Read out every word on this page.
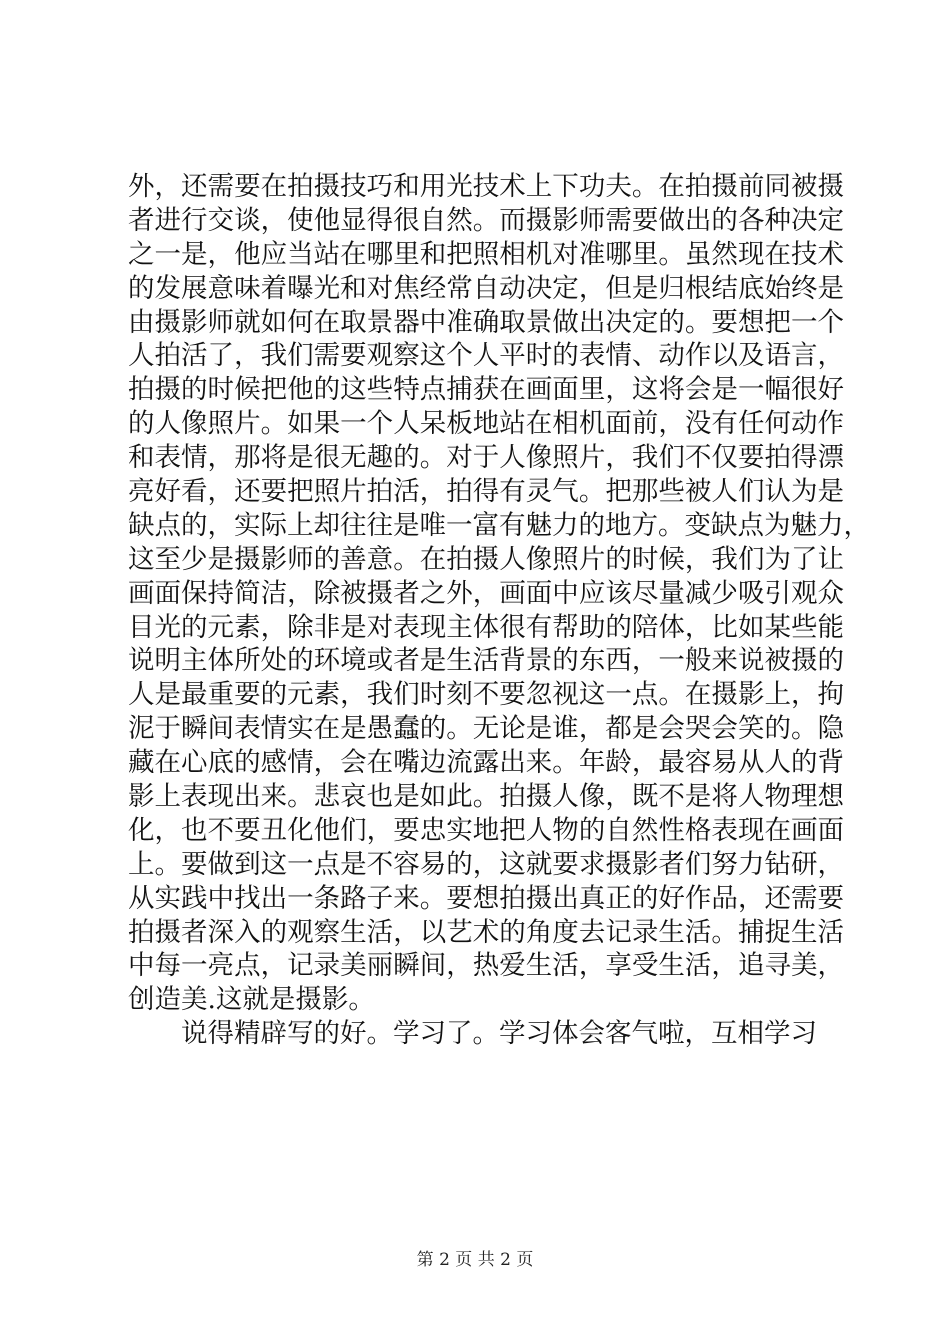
外，还需要在拍摄技巧和用光技术上下功夫。在拍摄前同被摄
者进行交谈，使他显得很自然。而摄影师需要做出的各种决定
之一是，他应当站在哪里和把照相机对准哪里。虽然现在技术
的发展意味着曝光和对焦经常自动决定，但是归根结底始终是
由摄影师就如何在取景器中准确取景做出决定的。要想把一个
人拍活了，我们需要观察这个人平时的表情、动作以及语言，
拍摄的时候把他的这些特点捕获在画面里，这将会是一幅很好
的人像照片。如果一个人呆板地站在相机面前，没有任何动作
和表情，那将是很无趣的。对于人像照片，我们不仅要拍得漂
亮好看，还要把照片拍活，拍得有灵气。把那些被人们认为是
缺点的，实际上却往往是唯一富有魅力的地方。变缺点为魅力，
这至少是摄影师的善意。在拍摄人像照片的时候，我们为了让
画面保持简洁，除被摄者之外，画面中应该尽量减少吸引观众
目光的元素，除非是对表现主体很有帮助的陪体，比如某些能
说明主体所处的环境或者是生活背景的东西，一般来说被摄的
人是最重要的元素，我们时刻不要忽视这一点。在摄影上，拘
泥于瞬间表情实在是愚蠢的。无论是谁，都是会哭会笑的。隐
藏在心底的感情，会在嘴边流露出来。年龄，最容易从人的背
影上表现出来。悲哀也是如此。拍摄人像，既不是将人物理想
化，也不要丑化他们，要忠实地把人物的自然性格表现在画面
上。要做到这一点是不容易的，这就要求摄影者们努力钻研，
从实践中找出一条路子来。要想拍摄出真正的好作品，还需要
拍摄者深入的观察生活，以艺术的角度去记录生活。捕捉生活
中每一亮点，记录美丽瞬间，热爱生活，享受生活，追寻美，
创造美.这就是摄影。
说得精辟写的好。学习了。学习体会客气啦，互相学习
第 2 页 共 2 页
